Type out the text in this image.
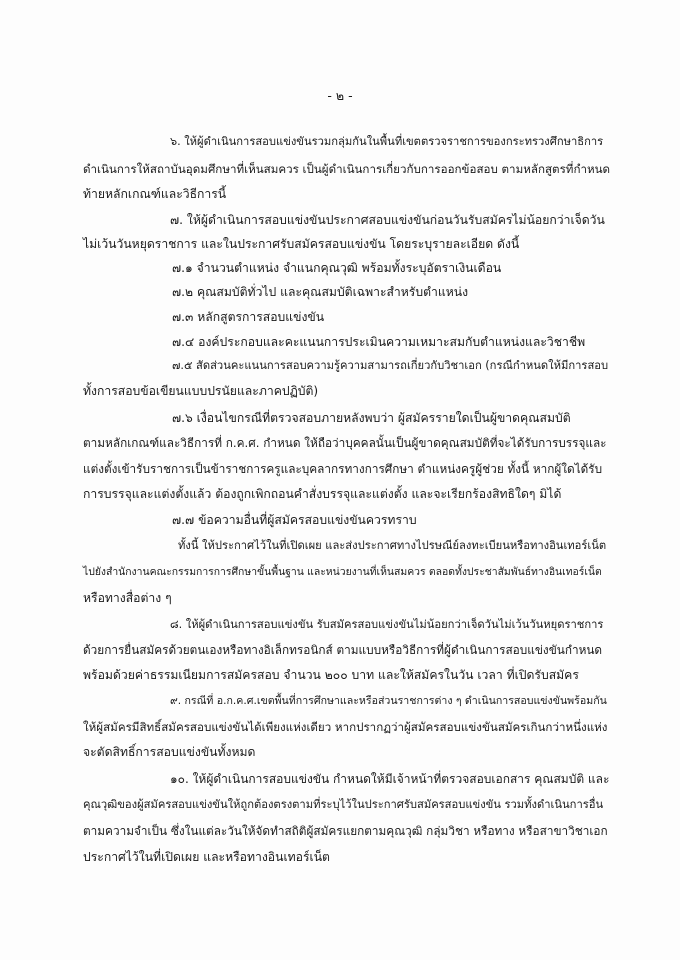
- ๒ -
๖. ให้ผู้ดำเนินการสอบแข่งขันรวมกลุ่มกันในพื้นที่เขตตรวจราชการของกระทรวงศึกษาธิการ
ดำเนินการให้สถาบันอุดมศึกษาที่เห็นสมควร เป็นผู้ดำเนินการเกี่ยวกับการออกข้อสอบ ตามหลักสูตรที่กำหนด
ท้ายหลักเกณฑ์และวิธีการนี้
๗. ให้ผู้ดำเนินการสอบแข่งขันประกาศสอบแข่งขันก่อนวันรับสมัครไม่น้อยกว่าเจ็ดวัน
ไม่เว้นวันหยุดราชการ และในประกาศรับสมัครสอบแข่งขัน โดยระบุรายละเอียด ดังนี้
๗.๑ จำนวนตำแหน่ง จำแนกคุณวุฒิ พร้อมทั้งระบุอัตราเงินเดือน
๗.๒ คุณสมบัติทั่วไป และคุณสมบัติเฉพาะสำหรับตำแหน่ง
๗.๓ หลักสูตรการสอบแข่งขัน
๗.๔ องค์ประกอบและคะแนนการประเมินความเหมาะสมกับตำแหน่งและวิชาชีพ
๗.๕ สัดส่วนคะแนนการสอบความรู้ความสามารถเกี่ยวกับวิชาเอก (กรณีกำหนดให้มีการสอบ
ทั้งการสอบข้อเขียนแบบปรนัยและภาคปฏิบัติ)
๗.๖ เงื่อนไขกรณีที่ตรวจสอบภายหลังพบว่า ผู้สมัครรายใดเป็นผู้ขาดคุณสมบัติ
ตามหลักเกณฑ์และวิธีการที่ ก.ค.ศ. กำหนด ให้ถือว่าบุคคลนั้นเป็นผู้ขาดคุณสมบัติที่จะได้รับการบรรจุและ
แต่งตั้งเข้ารับราชการเป็นข้าราชการครูและบุคลากรทางการศึกษา ตำแหน่งครูผู้ช่วย ทั้งนี้ หากผู้ใดได้รับ
การบรรจุและแต่งตั้งแล้ว ต้องถูกเพิกถอนคำสั่งบรรจุและแต่งตั้ง และจะเรียกร้องสิทธิใดๆ มิได้
๗.๗ ข้อความอื่นที่ผู้สมัครสอบแข่งขันควรทราบ
ทั้งนี้ ให้ประกาศไว้ในที่เปิดเผย และส่งประกาศทางไปรษณีย์ลงทะเบียนหรือทางอินเทอร์เน็ต
ไปยังสำนักงานคณะกรรมการการศึกษาขั้นพื้นฐาน และหน่วยงานที่เห็นสมควร ตลอดทั้งประชาสัมพันธ์ทางอินเทอร์เน็ต
หรือทางสื่อต่าง ๆ
๘. ให้ผู้ดำเนินการสอบแข่งขัน รับสมัครสอบแข่งขันไม่น้อยกว่าเจ็ดวันไม่เว้นวันหยุดราชการ
ด้วยการยื่นสมัครด้วยตนเองหรือทางอิเล็กทรอนิกส์ ตามแบบหรือวิธีการที่ผู้ดำเนินการสอบแข่งขันกำหนด
พร้อมด้วยค่าธรรมเนียมการสมัครสอบ จำนวน ๒๐๐ บาท และให้สมัครในวัน เวลา ที่เปิดรับสมัคร
๙. กรณีที่ อ.ก.ค.ศ.เขตพื้นที่การศึกษาและหรือส่วนราชการต่าง ๆ ดำเนินการสอบแข่งขันพร้อมกัน
ให้ผู้สมัครมีสิทธิ์สมัครสอบแข่งขันได้เพียงแห่งเดียว หากปรากฏว่าผู้สมัครสอบแข่งขันสมัครเกินกว่าหนึ่งแห่ง
จะตัดสิทธิ์การสอบแข่งขันทั้งหมด
๑๐. ให้ผู้ดำเนินการสอบแข่งขัน กำหนดให้มีเจ้าหน้าที่ตรวจสอบเอกสาร คุณสมบัติ และ
คุณวุฒิของผู้สมัครสอบแข่งขันให้ถูกต้องตรงตามที่ระบุไว้ในประกาศรับสมัครสอบแข่งขัน รวมทั้งดำเนินการอื่น
ตามความจำเป็น ซึ่งในแต่ละวันให้จัดทำสถิติผู้สมัครแยกตามคุณวุฒิ กลุ่มวิชา หรือทาง หรือสาขาวิชาเอก
ประกาศไว้ในที่เปิดเผย และหรือทางอินเทอร์เน็ต
